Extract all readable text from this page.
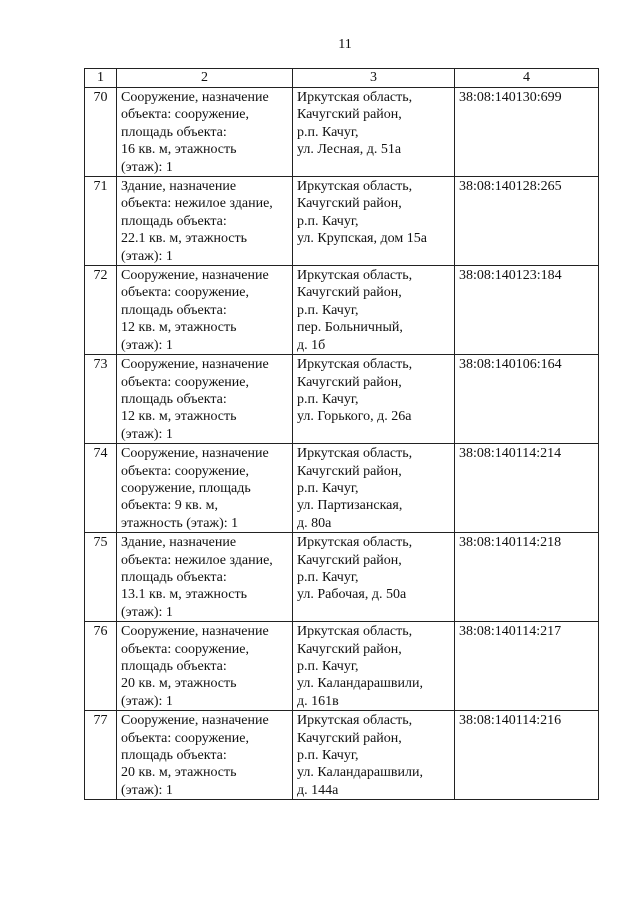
11
1	2	3	4
70	Сооружение, назначение
объекта: сооружение,
площадь объекта:
16 кв. м, этажность
(этаж): 1	Иркутская область,
Качугский район,
р.п. Качуг,
ул. Лесная, д. 51а	38:08:140130:699
71	Здание, назначение
объекта: нежилое здание,
площадь объекта:
22.1 кв. м, этажность
(этаж): 1	Иркутская область,
Качугский район,
р.п. Качуг,
ул. Крупская, дом 15а	38:08:140128:265
72	Сооружение, назначение
объекта: сооружение,
площадь объекта:
12 кв. м, этажность
(этаж): 1	Иркутская область,
Качугский район,
р.п. Качуг,
пер. Больничный,
д. 1б	38:08:140123:184
73	Сооружение, назначение
объекта: сооружение,
площадь объекта:
12 кв. м, этажность
(этаж): 1	Иркутская область,
Качугский район,
р.п. Качуг,
ул. Горького, д. 26а	38:08:140106:164
74	Сооружение, назначение
объекта: сооружение,
сооружение, площадь
объекта: 9 кв. м,
этажность (этаж): 1	Иркутская область,
Качугский район,
р.п. Качуг,
ул. Партизанская,
д. 80а	38:08:140114:214
75	Здание, назначение
объекта: нежилое здание,
площадь объекта:
13.1 кв. м, этажность
(этаж): 1	Иркутская область,
Качугский район,
р.п. Качуг,
ул. Рабочая, д. 50а	38:08:140114:218
76	Сооружение, назначение
объекта: сооружение,
площадь объекта:
20 кв. м, этажность
(этаж): 1	Иркутская область,
Качугский район,
р.п. Качуг,
ул. Каландарашвили,
д. 161в	38:08:140114:217
77	Сооружение, назначение
объекта: сооружение,
площадь объекта:
20 кв. м, этажность
(этаж): 1	Иркутская область,
Качугский район,
р.п. Качуг,
ул. Каландарашвили,
д. 144а	38:08:140114:216
